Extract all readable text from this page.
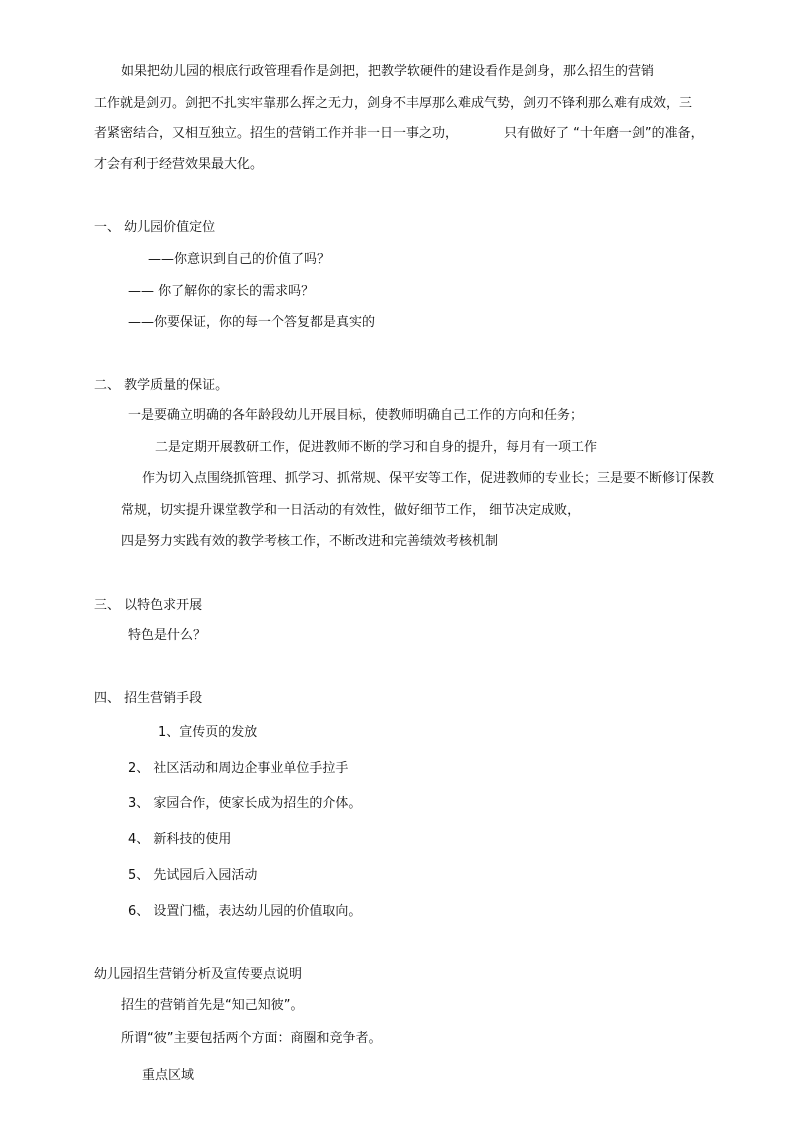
如果把幼儿园的根底行政管理看作是剑把，把教学软硬件的建设看作是剑身，那么招生的营销
工作就是剑刃。剑把不扎实牢靠那么挥之无力，剑身不丰厚那么难成气势，剑刃不锋利那么难有成效，三
者紧密结合，又相互独立。招生的营销工作并非一日一事之功，	只有做好了 “十年磨一剑”的准备，
才会有利于经营效果最大化。
一、 幼儿园价值定位
——你意识到自己的价值了吗？
—— 你了解你的家长的需求吗？
——你要保证，你的每一个答复都是真实的
二、 教学质量的保证。
一是要确立明确的各年龄段幼儿开展目标，使教师明确自己工作的方向和任务；
二是定期开展教研工作，促进教师不断的学习和自身的提升，每月有一项工作
作为切入点围绕抓管理、抓学习、抓常规、保平安等工作，促进教师的专业长；三是要不断修订保教
常规，切实提升课堂教学和一日活动的有效性，做好细节工作， 细节决定成败，
四是努力实践有效的教学考核工作，不断改进和完善绩效考核机制
三、 以特色求开展
特色是什么？
四、 招生营销手段
1、宣传页的发放
2、 社区活动和周边企事业单位手拉手
3、 家园合作，使家长成为招生的介体。
4、 新科技的使用
5、 先试园后入园活动
6、 设置门槛，表达幼儿园的价值取向。
幼儿园招生营销分析及宣传要点说明
招生的营销首先是“知己知彼”。
所谓“彼”主要包括两个方面：商圈和竞争者。
重点区域
